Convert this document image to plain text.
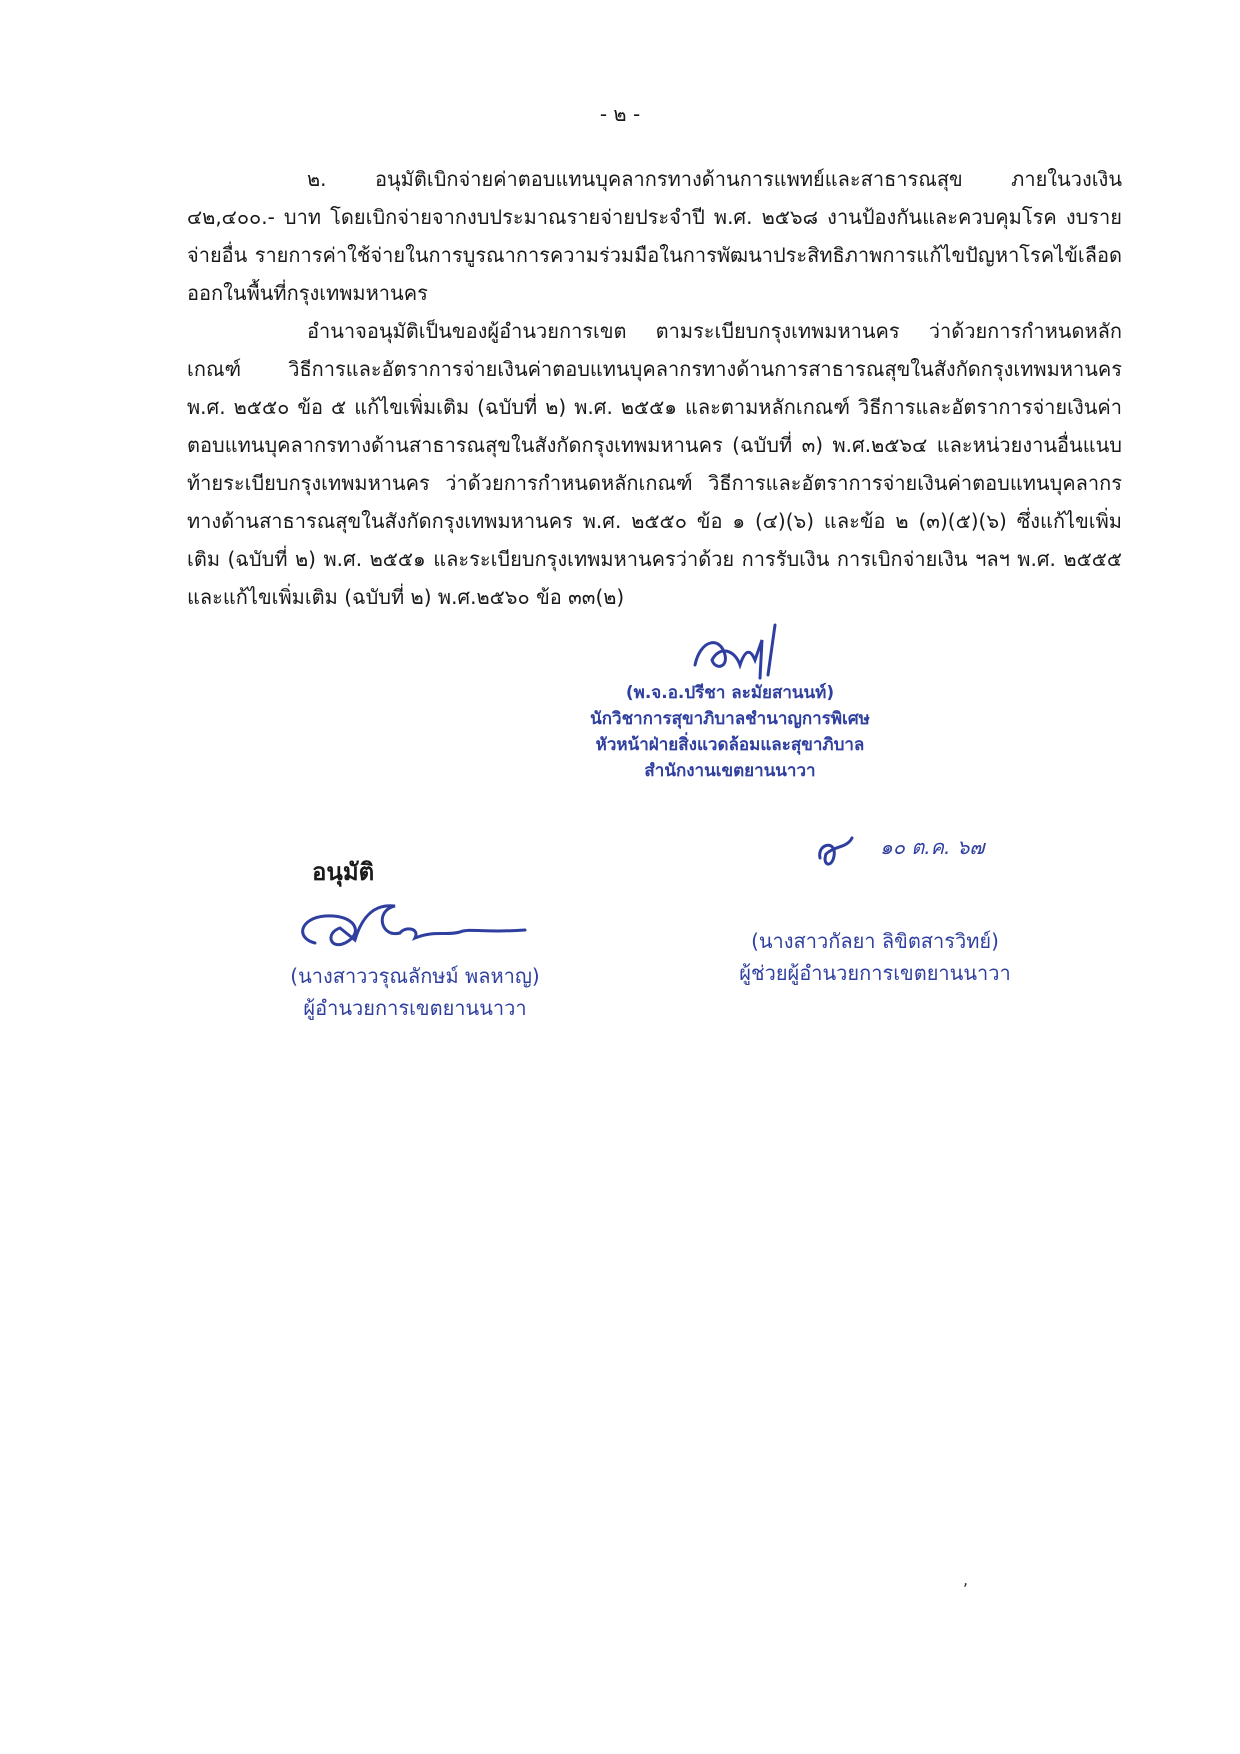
- ๒ -

๒. อนุมัติเบิกจ่ายค่าตอบแทนบุคลากรทางด้านการแพทย์และสาธารณสุข ภายในวงเงิน ๔๒,๔๐๐.- บาท โดยเบิกจ่ายจากงบประมาณรายจ่ายประจำปี พ.ศ. ๒๕๖๘ งานป้องกันและควบคุมโรค งบรายจ่ายอื่น รายการค่าใช้จ่ายในการบูรณาการความร่วมมือในการพัฒนาประสิทธิภาพการแก้ไขปัญหาโรคไข้เลือดออกในพื้นที่กรุงเทพมหานคร

อำนาจอนุมัติเป็นของผู้อำนวยการเขต ตามระเบียบกรุงเทพมหานคร ว่าด้วยการกำหนดหลักเกณฑ์ วิธีการและอัตราการจ่ายเงินค่าตอบแทนบุคลากรทางด้านการสาธารณสุขในสังกัดกรุงเทพมหานคร พ.ศ. ๒๕๕๐ ข้อ ๕ แก้ไขเพิ่มเติม (ฉบับที่ ๒) พ.ศ. ๒๕๕๑ และตามหลักเกณฑ์ วิธีการและอัตราการจ่ายเงินค่าตอบแทนบุคลากรทางด้านสาธารณสุขในสังกัดกรุงเทพมหานคร (ฉบับที่ ๓) พ.ศ.๒๕๖๔ และหน่วยงานอื่นแนบท้ายระเบียบกรุงเทพมหานคร ว่าด้วยการกำหนดหลักเกณฑ์ วิธีการและอัตราการจ่ายเงินค่าตอบแทนบุคลากรทางด้านสาธารณสุขในสังกัดกรุงเทพมหานคร พ.ศ. ๒๕๕๐ ข้อ ๑ (๔)(๖) และข้อ ๒ (๓)(๕)(๖) ซึ่งแก้ไขเพิ่มเติม (ฉบับที่ ๒) พ.ศ. ๒๕๕๑ และระเบียบกรุงเทพมหานครว่าด้วย การรับเงิน การเบิกจ่ายเงิน ฯลฯ พ.ศ. ๒๕๕๕ และแก้ไขเพิ่มเติม (ฉบับที่ ๒) พ.ศ.๒๕๖๐ ข้อ ๓๓(๒)

(พ.จ.อ.ปรีชา ละมัยสานนท์)
นักวิชาการสุขาภิบาลชำนาญการพิเศษ
หัวหน้าฝ่ายสิ่งแวดล้อมและสุขาภิบาล
สำนักงานเขตยานนาวา
๑๐ ต.ค. ๖๗
(นางสาวกัลยา ลิขิตสารวิทย์)
ผู้ช่วยผู้อำนวยการเขตยานนาวา
อนุมัติ
(นางสาววรุณลักษม์ พลหาญ)
ผู้อำนวยการเขตยานนาวา
,
